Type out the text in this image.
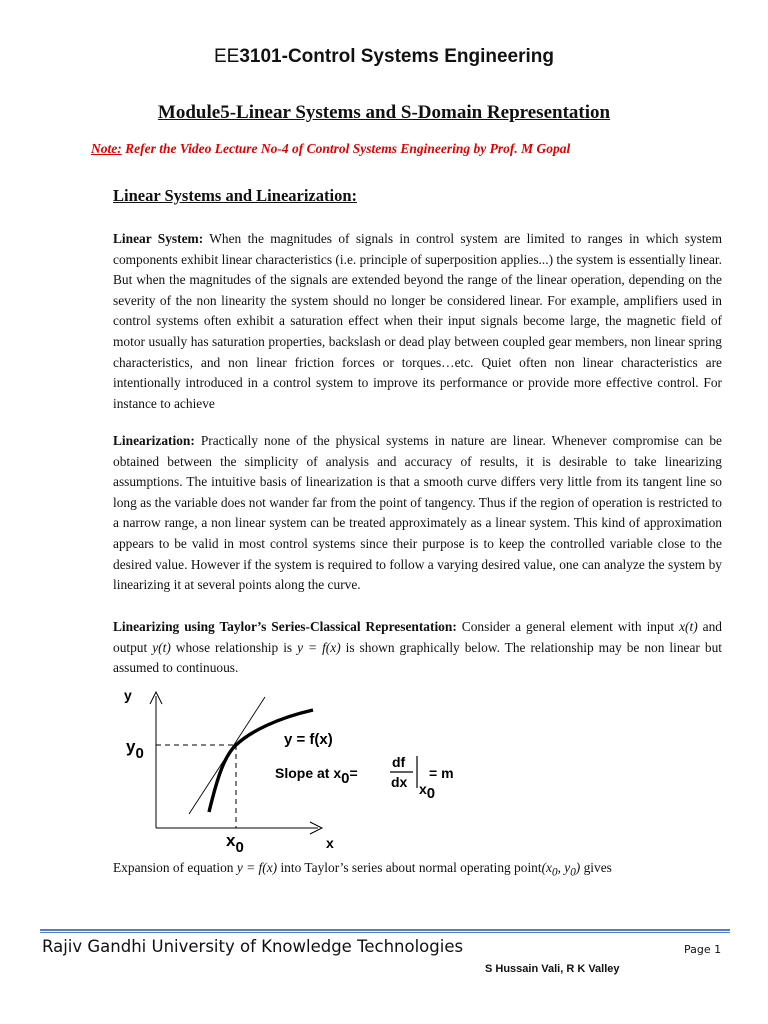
EE3101-Control Systems Engineering
Module5-Linear Systems and S-Domain Representation
Note: Refer the Video Lecture No-4 of Control Systems Engineering by Prof. M Gopal
Linear Systems and Linearization:
Linear System: When the magnitudes of signals in control system are limited to ranges in which system components exhibit linear characteristics (i.e. principle of superposition applies...) the system is essentially linear. But when the magnitudes of the signals are extended beyond the range of the linear operation, depending on the severity of the non linearity the system should no longer be considered linear. For example, amplifiers used in control systems often exhibit a saturation effect when their input signals become large, the magnetic field of motor usually has saturation properties, backslash or dead play between coupled gear members, non linear spring characteristics, and non linear friction forces or torques…etc. Quiet often non linear characteristics are intentionally introduced in a control system to improve its performance or provide more effective control. For instance to achieve
Linearization: Practically none of the physical systems in nature are linear. Whenever compromise can be obtained between the simplicity of analysis and accuracy of results, it is desirable to take linearizing assumptions. The intuitive basis of linearization is that a smooth curve differs very little from its tangent line so long as the variable does not wander far from the point of tangency. Thus if the region of operation is restricted to a narrow range, a non linear system can be treated approximately as a linear system. This kind of approximation appears to be valid in most control systems since their purpose is to keep the controlled variable close to the desired value. However if the system is required to follow a varying desired value, one can analyze the system by linearizing it at several points along the curve.
Linearizing using Taylor’s Series-Classical Representation: Consider a general element with input x(t) and output y(t) whose relationship is y = f(x) is shown graphically below. The relationship may be non linear but assumed to continuous.
y
x
y0
x0
y = f(x)
Slope at x0=
df
dx x0
= m
Expansion of equation y = f(x) into Taylor’s series about normal operating $point(x_0$, $y_0$) gives
Rajiv Gandhi University of Knowledge Technologies	Page 1
S Hussain Vali, R K Valley
